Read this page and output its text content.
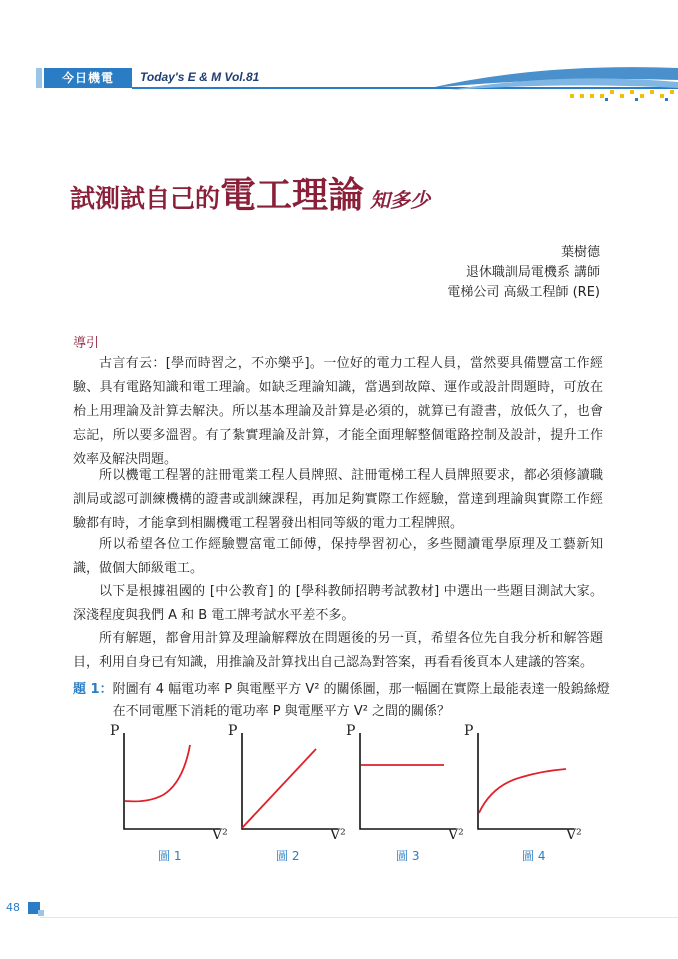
今日機電	Today's E & M Vol.81
試測試自己的電工理論 知多少
葉樹德
退休職訓局電機系 講師
電梯公司 高級工程師 (RE)
導引

古言有云：[學而時習之，不亦樂乎]。一位好的電力工程人員，當然要具備豐富工作經驗、具有電路知識和電工理論。如缺乏理論知識，當遇到故障、運作或設計問題時，可放在枱上用理論及計算去解決。所以基本理論及計算是必須的，就算已有證書，放低久了，也會忘記，所以要多溫習。有了紮實理論及計算，才能全面理解整個電路控制及設計，提升工作效率及解決問題。

所以機電工程署的註冊電業工程人員牌照、註冊電梯工程人員牌照要求，都必須修讀職訓局或認可訓練機構的證書或訓練課程，再加足夠實際工作經驗，當達到理論與實際工作經驗都有時，才能拿到相關機電工程署發出相同等級的電力工程牌照。

所以希望各位工作經驗豐富電工師傅，保持學習初心，多些鬩讀電學原理及工藝新知識，做個大師級電工。

以下是根據祖國的 [中公教育] 的 [學科教師招聘考試教材] 中選出一些題目測試大家。深淺程度與我們 A 和 B 電工牌考試水平差不多。

所有解題，都會用計算及理論解釋放在問題後的另一頁，希望各位先自我分析和解答題目，利用自身已有知識，用推論及計算找出自己認為對答案，再看看後頁本人建議的答案。

題 1： 附圖有 4 幅電功率 P 與電壓平方 V² 的關係圖，那一幅圖在實際上最能表達一般鎢絲燈在不同電壓下消耗的電功率 P 與電壓平方 V² 之間的關係？
P
V²
圖 1
P
V²
圖 2
P
V²
圖 3
P
V²
圖 4
48
